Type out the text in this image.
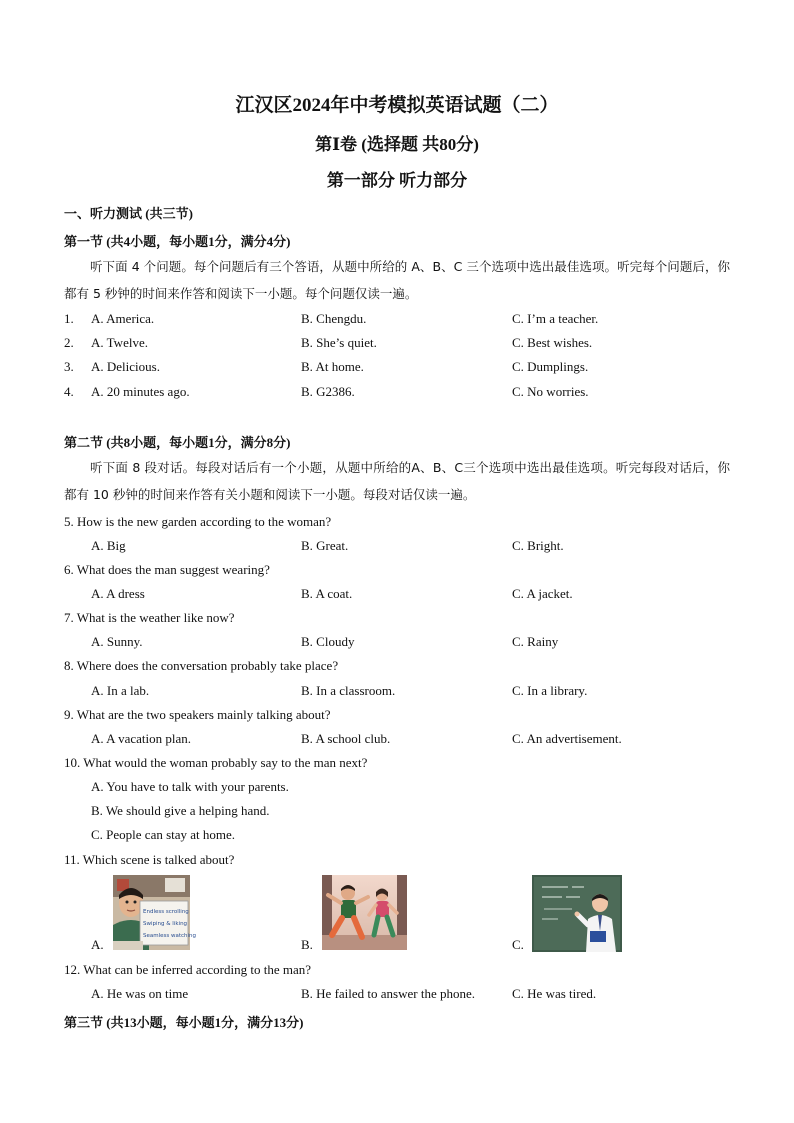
江汉区2024年中考模拟英语试题（二）
第Ⅰ卷 (选择题 共80分)
第一部分 听力部分
一、听力测试 (共三节)
第一节 (共4小题，每小题1分，满分4分)
听下面 4 个问题。每个问题后有三个答语，从题中所给的 A、B、C 三个选项中选出最佳选项。听完每个问题后，你都有 5 秒钟的时间来作答和阅读下一小题。每个问题仅读一遍。
1. A. America.	B. Chengdu.	C. I’m a teacher.
2. A. Twelve.	B. She’s quiet.	C. Best wishes.
3. A. Delicious.	B. At home.	C. Dumplings.
4. A. 20 minutes ago.	B. G2386.	C. No worries.
第二节 (共8小题，每小题1分，满分8分)
听下面 8 段对话。每段对话后有一个小题，从题中所给的A、B、C三个选项中选出最佳选项。听完每段对话后，你都有 10 秒钟的时间来作答有关小题和阅读下一小题。每段对话仅读一遍。
5. How is the new garden according to the woman?
A. Big	B. Great.	C. Bright.
6. What does the man suggest wearing?
A. A dress	B. A coat.	C. A jacket.
7. What is the weather like now?
A. Sunny.	B. Cloudy	C. Rainy
8. Where does the conversation probably take place?
A. In a lab.	B. In a classroom.	C. In a library.
9. What are the two speakers mainly talking about?
A. A vacation plan.	B. A school club.	C. An advertisement.
10. What would the woman probably say to the man next?
A. You have to talk with your parents.
B. We should give a helping hand.
C. People can stay at home.
11. Which scene is talked about?
A.	B.	C.
Endless scrolling
Swiping & liking
Seamless watching
12. What can be inferred according to the man?
A. He was on time	B. He failed to answer the phone.	C. He was tired.
第三节 (共13小题，每小题1分，满分13分)
